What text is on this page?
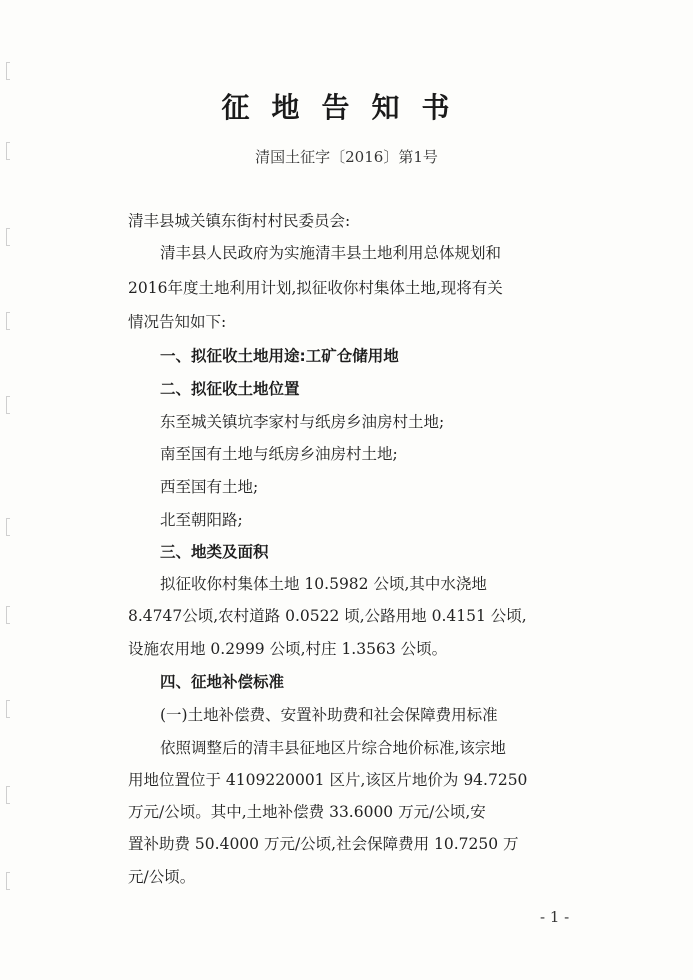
征地告知书
清国土征字〔2016〕第1号
清丰县城关镇东街村村民委员会:
清丰县人民政府为实施清丰县土地利用总体规划和
2016年度土地利用计划,拟征收你村集体土地,现将有关
情况告知如下:
一、拟征收土地用途:工矿仓储用地
二、拟征收土地位置
东至城关镇坑李家村与纸房乡油房村土地;
南至国有土地与纸房乡油房村土地;
西至国有土地;
北至朝阳路;
三、地类及面积
拟征收你村集体土地 10.5982 公顷,其中水浇地
8.4747公顷,农村道路 0.0522 顷,公路用地 0.4151 公顷,
设施农用地 0.2999 公顷,村庄 1.3563 公顷。
四、征地补偿标准
(一)土地补偿费、安置补助费和社会保障费用标准
依照调整后的清丰县征地区片综合地价标准,该宗地
用地位置位于 4109220001 区片,该区片地价为 94.7250
万元/公顷。其中,土地补偿费 33.6000 万元/公顷,安
置补助费 50.4000 万元/公顷,社会保障费用 10.7250 万
元/公顷。
- 1 -
